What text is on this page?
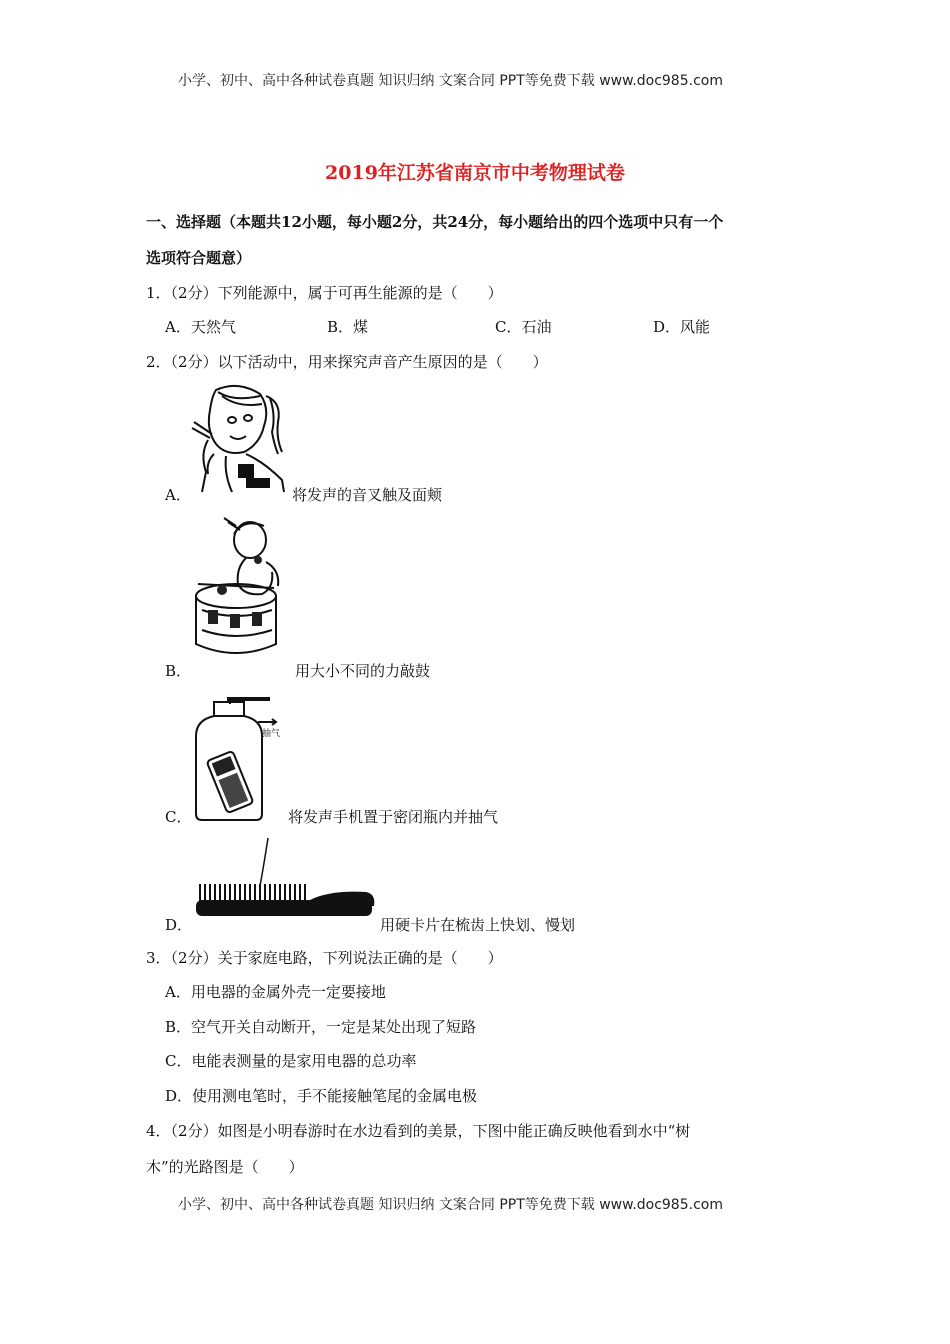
小学、初中、高中各种试卷真题 知识归纳 文案合同 PPT等免费下载 www.doc985.com
2019年江苏省南京市中考物理试卷
一、选择题（本题共12小题，每小题2分，共24分，每小题给出的四个选项中只有一个
选项符合题意）
1．（2分）下列能源中，属于可再生能源的是（　　）
A．天然气	B．煤	C．石油	D．风能
2．（2分）以下活动中，用来探究声音产生原因的是（　　）
A．	将发声的音叉触及面颊
B．	用大小不同的力敲鼓
抽气
C．	将发声手机置于密闭瓶内并抽气
D．	用硬卡片在梳齿上快划、慢划
3．（2分）关于家庭电路，下列说法正确的是（　　）
A．用电器的金属外壳一定要接地
B．空气开关自动断开，一定是某处出现了短路
C．电能表测量的是家用电器的总功率
D．使用测电笔时，手不能接触笔尾的金属电极
4．（2分）如图是小明春游时在水边看到的美景，下图中能正确反映他看到水中“树
木”的光路图是（　　）
小学、初中、高中各种试卷真题 知识归纳 文案合同 PPT等免费下载 www.doc985.com
